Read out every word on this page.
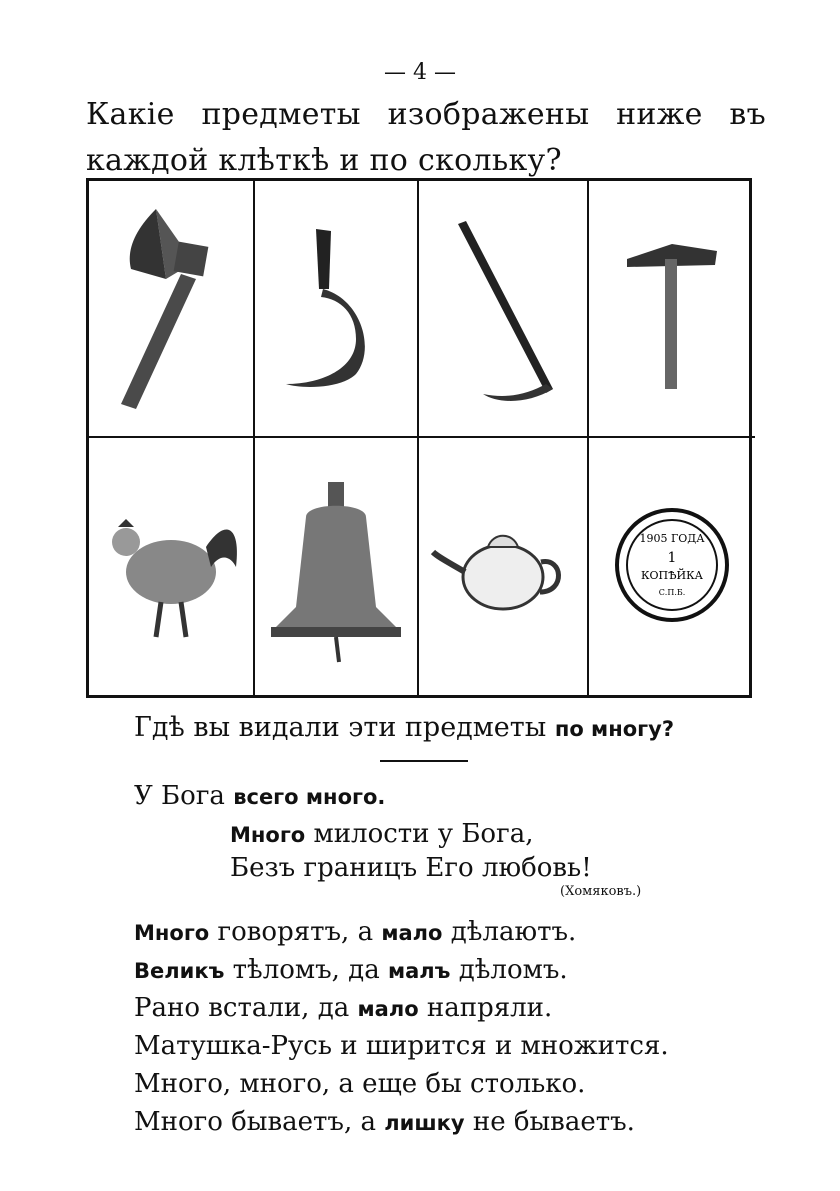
— 4 —
Какіе предметы изображены ниже въ каждой клѣткѣ и по скольку?
1905 ГОДА
1
КОПѢЙКА
С.П.Б.
Гдѣ вы видали эти предметы по многу?
У Бога всего много.
Много милости у Бога,
Безъ границъ Его любовь!
(Хомяковъ.)
Много говорятъ, а мало дѣлаютъ.
Великъ тѣломъ, да малъ дѣломъ.
Рано встали, да мало напряли.
Матушка-Русь и ширится и множится.
Много, много, а еще бы столько.
Много бываетъ, а лишку не бываетъ.
